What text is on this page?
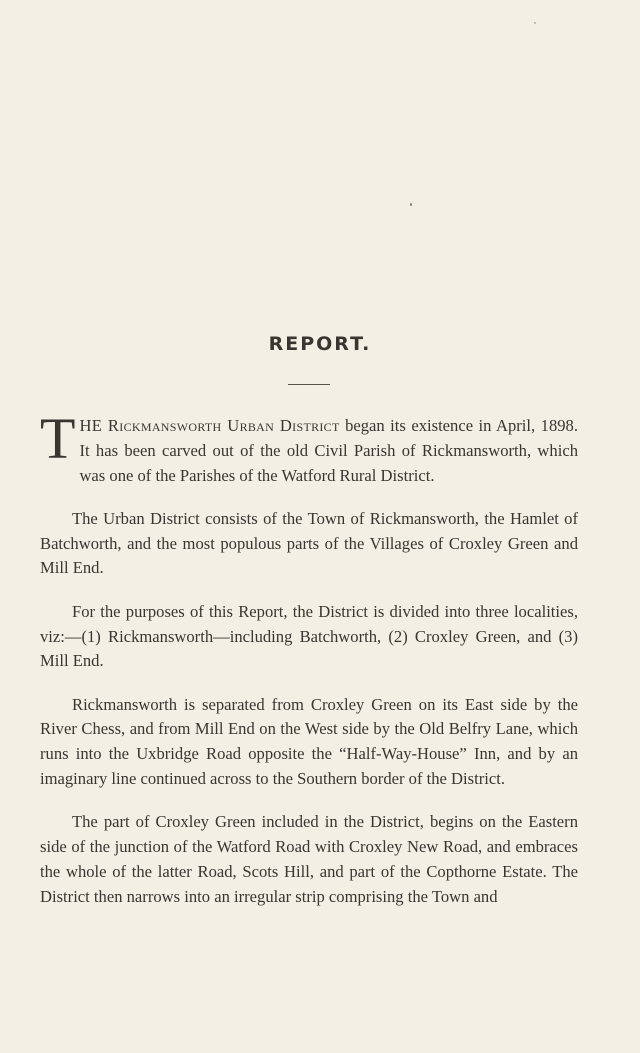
REPORT.

THE Rickmansworth Urban District began its existence in April, 1898. It has been carved out of the old Civil Parish of Rickmansworth, which was one of the Parishes of the Watford Rural District.

The Urban District consists of the Town of Rickmansworth, the Hamlet of Batchworth, and the most populous parts of the Villages of Croxley Green and Mill End.

For the purposes of this Report, the District is divided into three localities, viz:—(1) Rickmansworth—including Batchworth, (2) Croxley Green, and (3) Mill End.

Rickmansworth is separated from Croxley Green on its East side by the River Chess, and from Mill End on the West side by the Old Belfry Lane, which runs into the Uxbridge Road opposite the “Half-Way-House” Inn, and by an imaginary line continued across to the Southern border of the District.

The part of Croxley Green included in the District, begins on the Eastern side of the junction of the Watford Road with Croxley New Road, and embraces the whole of the latter Road, Scots Hill, and part of the Copthorne Estate. The District then narrows into an irregular strip comprising the Town and
